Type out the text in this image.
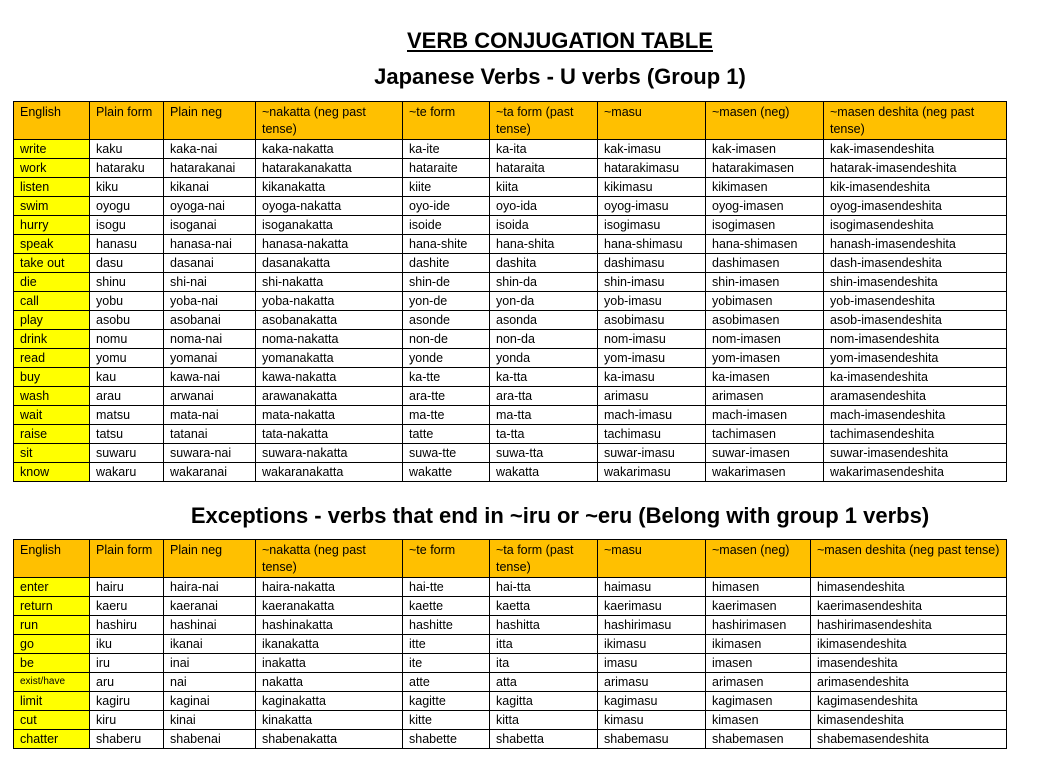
VERB CONJUGATION TABLE
Japanese Verbs - U verbs (Group 1)
English	Plain form	Plain neg	~nakatta (neg past tense)	~te form	~ta form (past tense)	~masu	~masen (neg)	~masen deshita (neg past tense)
write	kaku	kaka-nai	kaka-nakatta	ka-ite	ka-ita	kak-imasu	kak-imasen	kak-imasendeshita
work	hataraku	hatarakanai	hatarakanakatta	hataraite	hataraita	hatarakimasu	hatarakimasen	hatarak-imasendeshita
listen	kiku	kikanai	kikanakatta	kiite	kiita	kikimasu	kikimasen	kik-imasendeshita
swim	oyogu	oyoga-nai	oyoga-nakatta	oyo-ide	oyo-ida	oyog-imasu	oyog-imasen	oyog-imasendeshita
hurry	isogu	isoganai	isoganakatta	isoide	isoida	isogimasu	isogimasen	isogimasendeshita
speak	hanasu	hanasa-nai	hanasa-nakatta	hana-shite	hana-shita	hana-shimasu	hana-shimasen	hanash-imasendeshita
take out	dasu	dasanai	dasanakatta	dashite	dashita	dashimasu	dashimasen	dash-imasendeshita
die	shinu	shi-nai	shi-nakatta	shin-de	shin-da	shin-imasu	shin-imasen	shin-imasendeshita
call	yobu	yoba-nai	yoba-nakatta	yon-de	yon-da	yob-imasu	yobimasen	yob-imasendeshita
play	asobu	asobanai	asobanakatta	asonde	asonda	asobimasu	asobimasen	asob-imasendeshita
drink	nomu	noma-nai	noma-nakatta	non-de	non-da	nom-imasu	nom-imasen	nom-imasendeshita
read	yomu	yomanai	yomanakatta	yonde	yonda	yom-imasu	yom-imasen	yom-imasendeshita
buy	kau	kawa-nai	kawa-nakatta	ka-tte	ka-tta	ka-imasu	ka-imasen	ka-imasendeshita
wash	arau	arwanai	arawanakatta	ara-tte	ara-tta	arimasu	arimasen	aramasendeshita
wait	matsu	mata-nai	mata-nakatta	ma-tte	ma-tta	mach-imasu	mach-imasen	mach-imasendeshita
raise	tatsu	tatanai	tata-nakatta	tatte	ta-tta	tachimasu	tachimasen	tachimasendeshita
sit	suwaru	suwara-nai	suwara-nakatta	suwa-tte	suwa-tta	suwar-imasu	suwar-imasen	suwar-imasendeshita
know	wakaru	wakaranai	wakaranakatta	wakatte	wakatta	wakarimasu	wakarimasen	wakarimasendeshita
Exceptions - verbs that end in ~iru or ~eru (Belong with group 1 verbs)
English	Plain form	Plain neg	~nakatta (neg past tense)	~te form	~ta form (past tense)	~masu	~masen (neg)	~masen deshita (neg past tense)
enter	hairu	haira-nai	haira-nakatta	hai-tte	hai-tta	haimasu	himasen	himasendeshita
return	kaeru	kaeranai	kaeranakatta	kaette	kaetta	kaerimasu	kaerimasen	kaerimasendeshita
run	hashiru	hashinai	hashinakatta	hashitte	hashitta	hashirimasu	hashirimasen	hashirimasendeshita
go	iku	ikanai	ikanakatta	itte	itta	ikimasu	ikimasen	ikimasendeshita
be	iru	inai	inakatta	ite	ita	imasu	imasen	imasendeshita
exist/have	aru	nai	nakatta	atte	atta	arimasu	arimasen	arimasendeshita
limit	kagiru	kaginai	kaginakatta	kagitte	kagitta	kagimasu	kagimasen	kagimasendeshita
cut	kiru	kinai	kinakatta	kitte	kitta	kimasu	kimasen	kimasendeshita
chatter	shaberu	shabenai	shabenakatta	shabette	shabetta	shabemasu	shabemasen	shabemasendeshita
